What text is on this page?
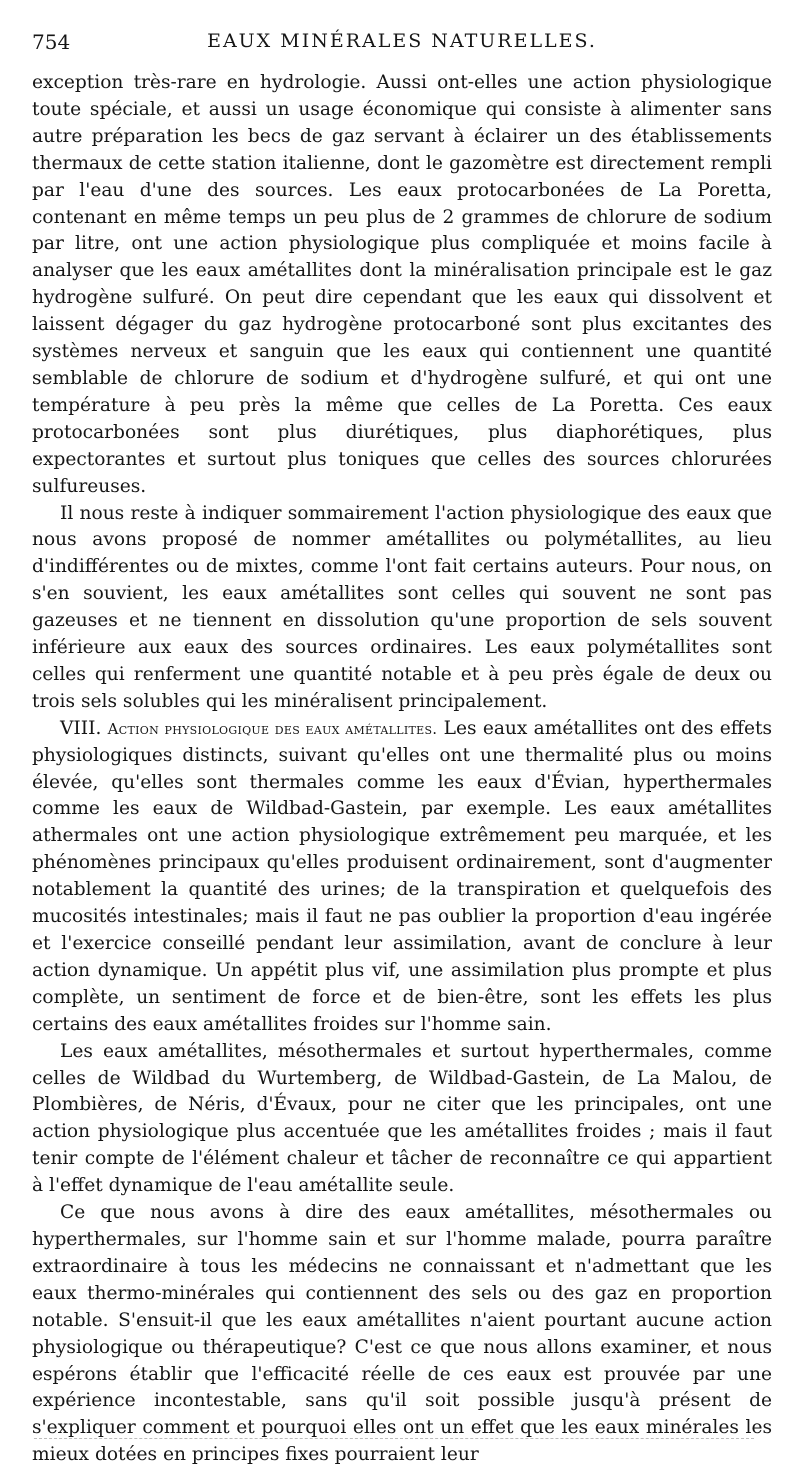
754	EAUX MINÉRALES NATURELLES.

exception très-rare en hydrologie. Aussi ont-elles une action physiologique toute spéciale, et aussi un usage économique qui consiste à alimenter sans autre préparation les becs de gaz servant à éclairer un des établissements thermaux de cette station italienne, dont le gazomètre est directement rempli par l'eau d'une des sources. Les eaux protocarbonées de La Poretta, contenant en même temps un peu plus de 2 grammes de chlorure de sodium par litre, ont une action physiologique plus compliquée et moins facile à analyser que les eaux amétallites dont la minéralisation principale est le gaz hydrogène sulfuré. On peut dire cependant que les eaux qui dissolvent et laissent dégager du gaz hydrogène protocarboné sont plus excitantes des systèmes nerveux et sanguin que les eaux qui contiennent une quantité semblable de chlorure de sodium et d'hydrogène sulfuré, et qui ont une température à peu près la même que celles de La Poretta. Ces eaux protocarbonées sont plus diurétiques, plus diaphorétiques, plus expectorantes et surtout plus toniques que celles des sources chlorurées sulfureuses.

Il nous reste à indiquer sommairement l'action physiologique des eaux que nous avons proposé de nommer amétallites ou polymétallites, au lieu d'indifférentes ou de mixtes, comme l'ont fait certains auteurs. Pour nous, on s'en souvient, les eaux amétallites sont celles qui souvent ne sont pas gazeuses et ne tiennent en dissolution qu'une proportion de sels souvent inférieure aux eaux des sources ordinaires. Les eaux polymétallites sont celles qui renferment une quantité notable et à peu près égale de deux ou trois sels solubles qui les minéralisent principalement.

VIII. Action physiologique des eaux amétallites. Les eaux amétallites ont des effets physiologiques distincts, suivant qu'elles ont une thermalité plus ou moins élevée, qu'elles sont thermales comme les eaux d'Évian, hyperthermales comme les eaux de Wildbad-Gastein, par exemple. Les eaux amétallites athermales ont une action physiologique extrêmement peu marquée, et les phénomènes principaux qu'elles produisent ordinairement, sont d'augmenter notablement la quantité des urines; de la transpiration et quelquefois des mucosités intestinales; mais il faut ne pas oublier la proportion d'eau ingérée et l'exercice conseillé pendant leur assimilation, avant de conclure à leur action dynamique. Un appétit plus vif, une assimilation plus prompte et plus complète, un sentiment de force et de bien-être, sont les effets les plus certains des eaux amétallites froides sur l'homme sain.

Les eaux amétallites, mésothermales et surtout hyperthermales, comme celles de Wildbad du Wurtemberg, de Wildbad-Gastein, de La Malou, de Plombières, de Néris, d'Évaux, pour ne citer que les principales, ont une action physiologique plus accentuée que les amétallites froides ; mais il faut tenir compte de l'élément chaleur et tâcher de reconnaître ce qui appartient à l'effet dynamique de l'eau amétallite seule.

Ce que nous avons à dire des eaux amétallites, mésothermales ou hyperthermales, sur l'homme sain et sur l'homme malade, pourra paraître extraordinaire à tous les médecins ne connaissant et n'admettant que les eaux thermo-minérales qui contiennent des sels ou des gaz en proportion notable. S'ensuit-il que les eaux amétallites n'aient pourtant aucune action physiologique ou thérapeutique? C'est ce que nous allons examiner, et nous espérons établir que l'efficacité réelle de ces eaux est prouvée par une expérience incontestable, sans qu'il soit possible jusqu'à présent de s'expliquer comment et pourquoi elles ont un effet que les eaux minérales les mieux dotées en principes fixes pourraient leur
